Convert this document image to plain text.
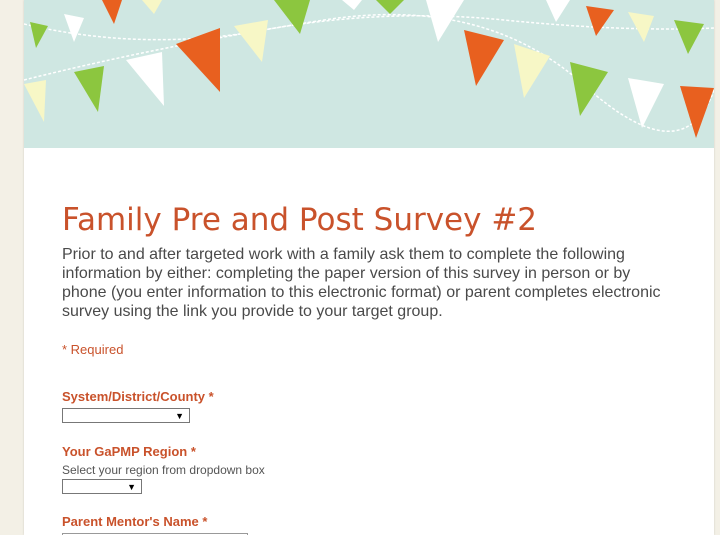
Family Pre and Post Survey #2

Prior to and after targeted work with a family ask them to complete the following information by either: completing the paper version of this survey in person or by phone (you enter information to this electronic format) or parent completes electronic survey using the link you provide to your target group.

* Required
System/District/County *
▼
Your GaPMP Region *
Select your region from dropdown box
▼
Parent Mentor's Name *
